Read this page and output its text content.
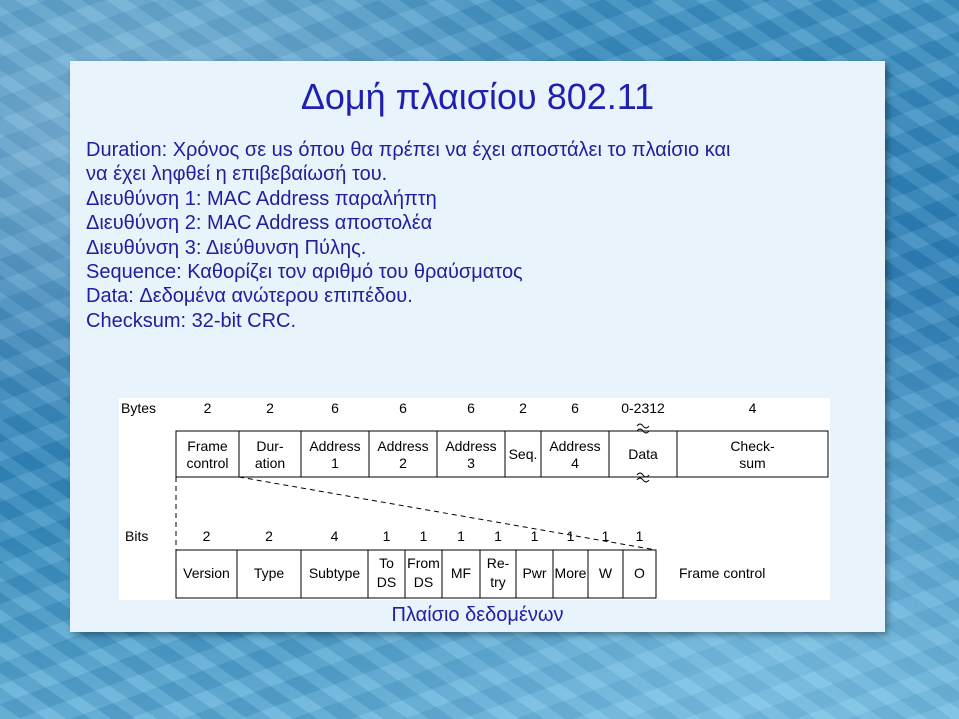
Δομή πλαισίου 802.11
Duration: Χρόνος σε us όπου θα πρέπει να έχει αποστάλει το πλαίσιο και
να έχει ληφθεί η επιβεβαίωσή του.
Διευθύνση 1: MAC Address παραλήπτη
Διευθύνση 2: MAC Address αποστολέα
Διευθύνση 3: Διεύθυνση Πύλης.
Sequence: Καθορίζει τον αριθμό του θραύσματος
Data: Δεδομένα ανώτερου επιπέδου.
Checksum: 32-bit CRC.
Bytes
Bits
2
Frame
control
2
Dur-
ation
6
Address
1
6
Address
2
6
Address
3
2
Seq.
6
Address
4
0-2312
Data
4
Check-
sum
2
Version
2
Type
4
Subtype
1
To
DS
1
From
DS
1
MF
1
Re-
try
1
Pwr
1
More
1
W
1
O Frame control
Πλαίσιο δεδομένων
